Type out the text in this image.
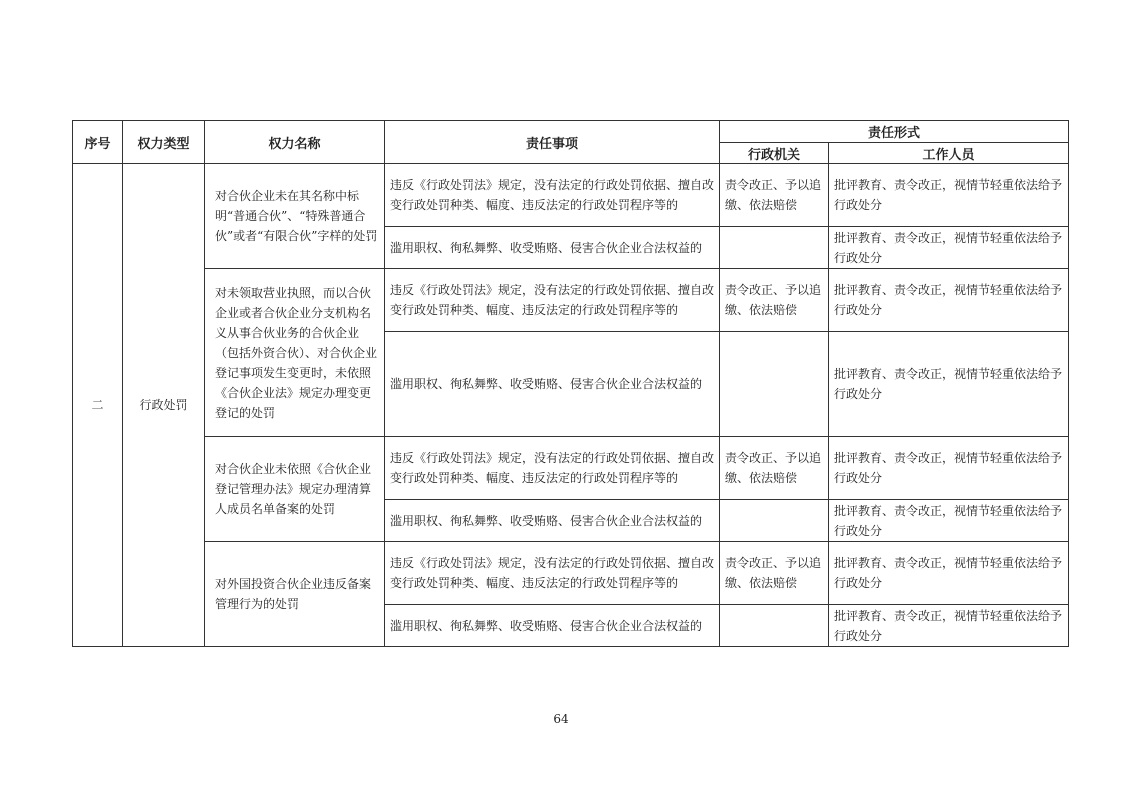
序号	权力类型	权力名称	责任事项	责任形式	
				行政机关	工作人员
二	行政处罚	对合伙企业未在其名称中标明“普通合伙”、“特殊普通合伙”或者“有限合伙”字样的处罚	违反《行政处罚法》规定，没有法定的行政处罚依据、擅自改变行政处罚种类、幅度、违反法定的行政处罚程序等的	责令改正、予以追缴、依法赔偿	批评教育、责令改正，视情节轻重依法给予行政处分
			滥用职权、徇私舞弊、收受贿赂、侵害合伙企业合法权益的		批评教育、责令改正，视情节轻重依法给予行政处分
		对未领取营业执照，而以合伙企业或者合伙企业分支机构名义从事合伙业务的合伙企业（包括外资合伙）、对合伙企业登记事项发生变更时，未依照《合伙企业法》规定办理变更登记的处罚	违反《行政处罚法》规定，没有法定的行政处罚依据、擅自改变行政处罚种类、幅度、违反法定的行政处罚程序等的	责令改正、予以追缴、依法赔偿	批评教育、责令改正，视情节轻重依法给予行政处分
			滥用职权、徇私舞弊、收受贿赂、侵害合伙企业合法权益的		批评教育、责令改正，视情节轻重依法给予行政处分
		对合伙企业未依照《合伙企业登记管理办法》规定办理清算人成员名单备案的处罚	违反《行政处罚法》规定，没有法定的行政处罚依据、擅自改变行政处罚种类、幅度、违反法定的行政处罚程序等的	责令改正、予以追缴、依法赔偿	批评教育、责令改正，视情节轻重依法给予行政处分
			滥用职权、徇私舞弊、收受贿赂、侵害合伙企业合法权益的		批评教育、责令改正，视情节轻重依法给予行政处分
		对外国投资合伙企业违反备案管理行为的处罚	违反《行政处罚法》规定，没有法定的行政处罚依据、擅自改变行政处罚种类、幅度、违反法定的行政处罚程序等的	责令改正、予以追缴、依法赔偿	批评教育、责令改正，视情节轻重依法给予行政处分
			滥用职权、徇私舞弊、收受贿赂、侵害合伙企业合法权益的		批评教育、责令改正，视情节轻重依法给予行政处分
64
